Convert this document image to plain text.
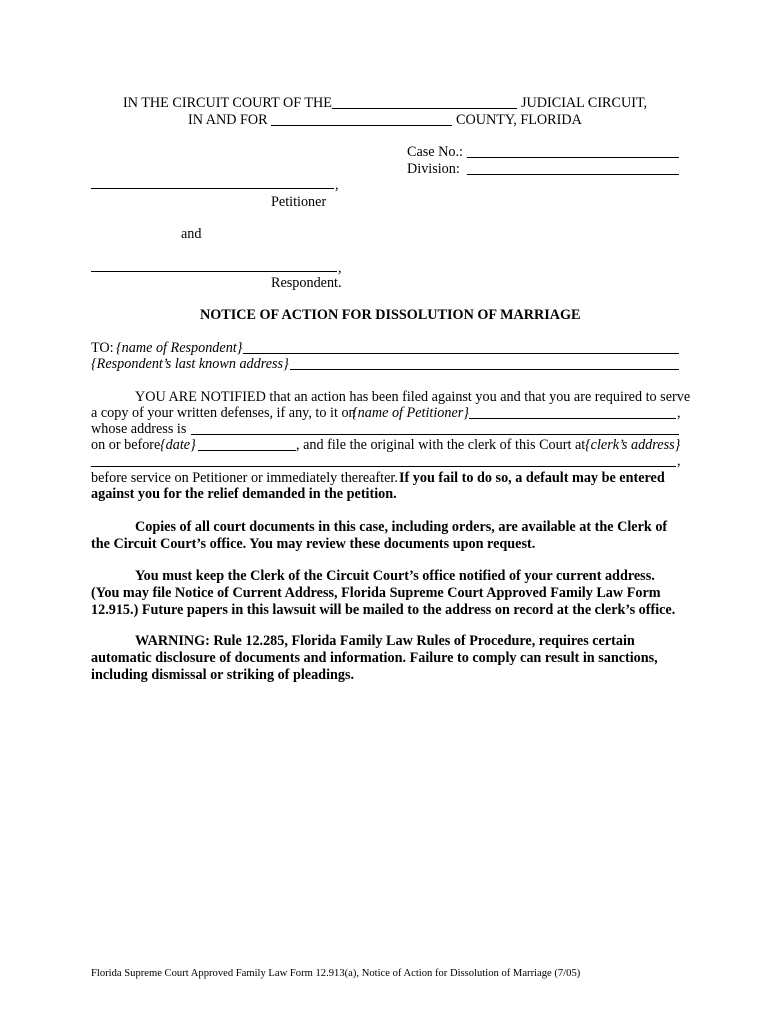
IN THE CIRCUIT COURT OF THE	JUDICIAL CIRCUIT,
IN AND FOR	COUNTY, FLORIDA
Case No.:
Division:
,
Petitioner
and
,
Respondent.
NOTICE OF ACTION FOR DISSOLUTION OF MARRIAGE
TO: {name of Respondent}
{Respondent’s last known address}
YOU ARE NOTIFIED that an action has been filed against you and that you are required to serve
a copy of your written defenses, if any, to it on
{name of Petitioner}	,
whose address is
on or before {date}	, and file the original with the clerk of this Court at {clerk’s address}
,
before service on Petitioner or immediately thereafter. If you fail to do so, a default may be entered
against you for the relief demanded in the petition.
Copies of all court documents in this case, including orders, are available at the Clerk of the Circuit Court’s office. You may review these documents upon request.
You must keep the Clerk of the Circuit Court’s office notified of your current address. (You may file Notice of Current Address, Florida Supreme Court Approved Family Law Form 12.915.) Future papers in this lawsuit will be mailed to the address on record at the clerk’s office.
WARNING: Rule 12.285, Florida Family Law Rules of Procedure, requires certain automatic disclosure of documents and information. Failure to comply can result in sanctions, including dismissal or striking of pleadings.
Florida Supreme Court Approved Family Law Form 12.913(a), Notice of Action for Dissolution of Marriage (7/05)
